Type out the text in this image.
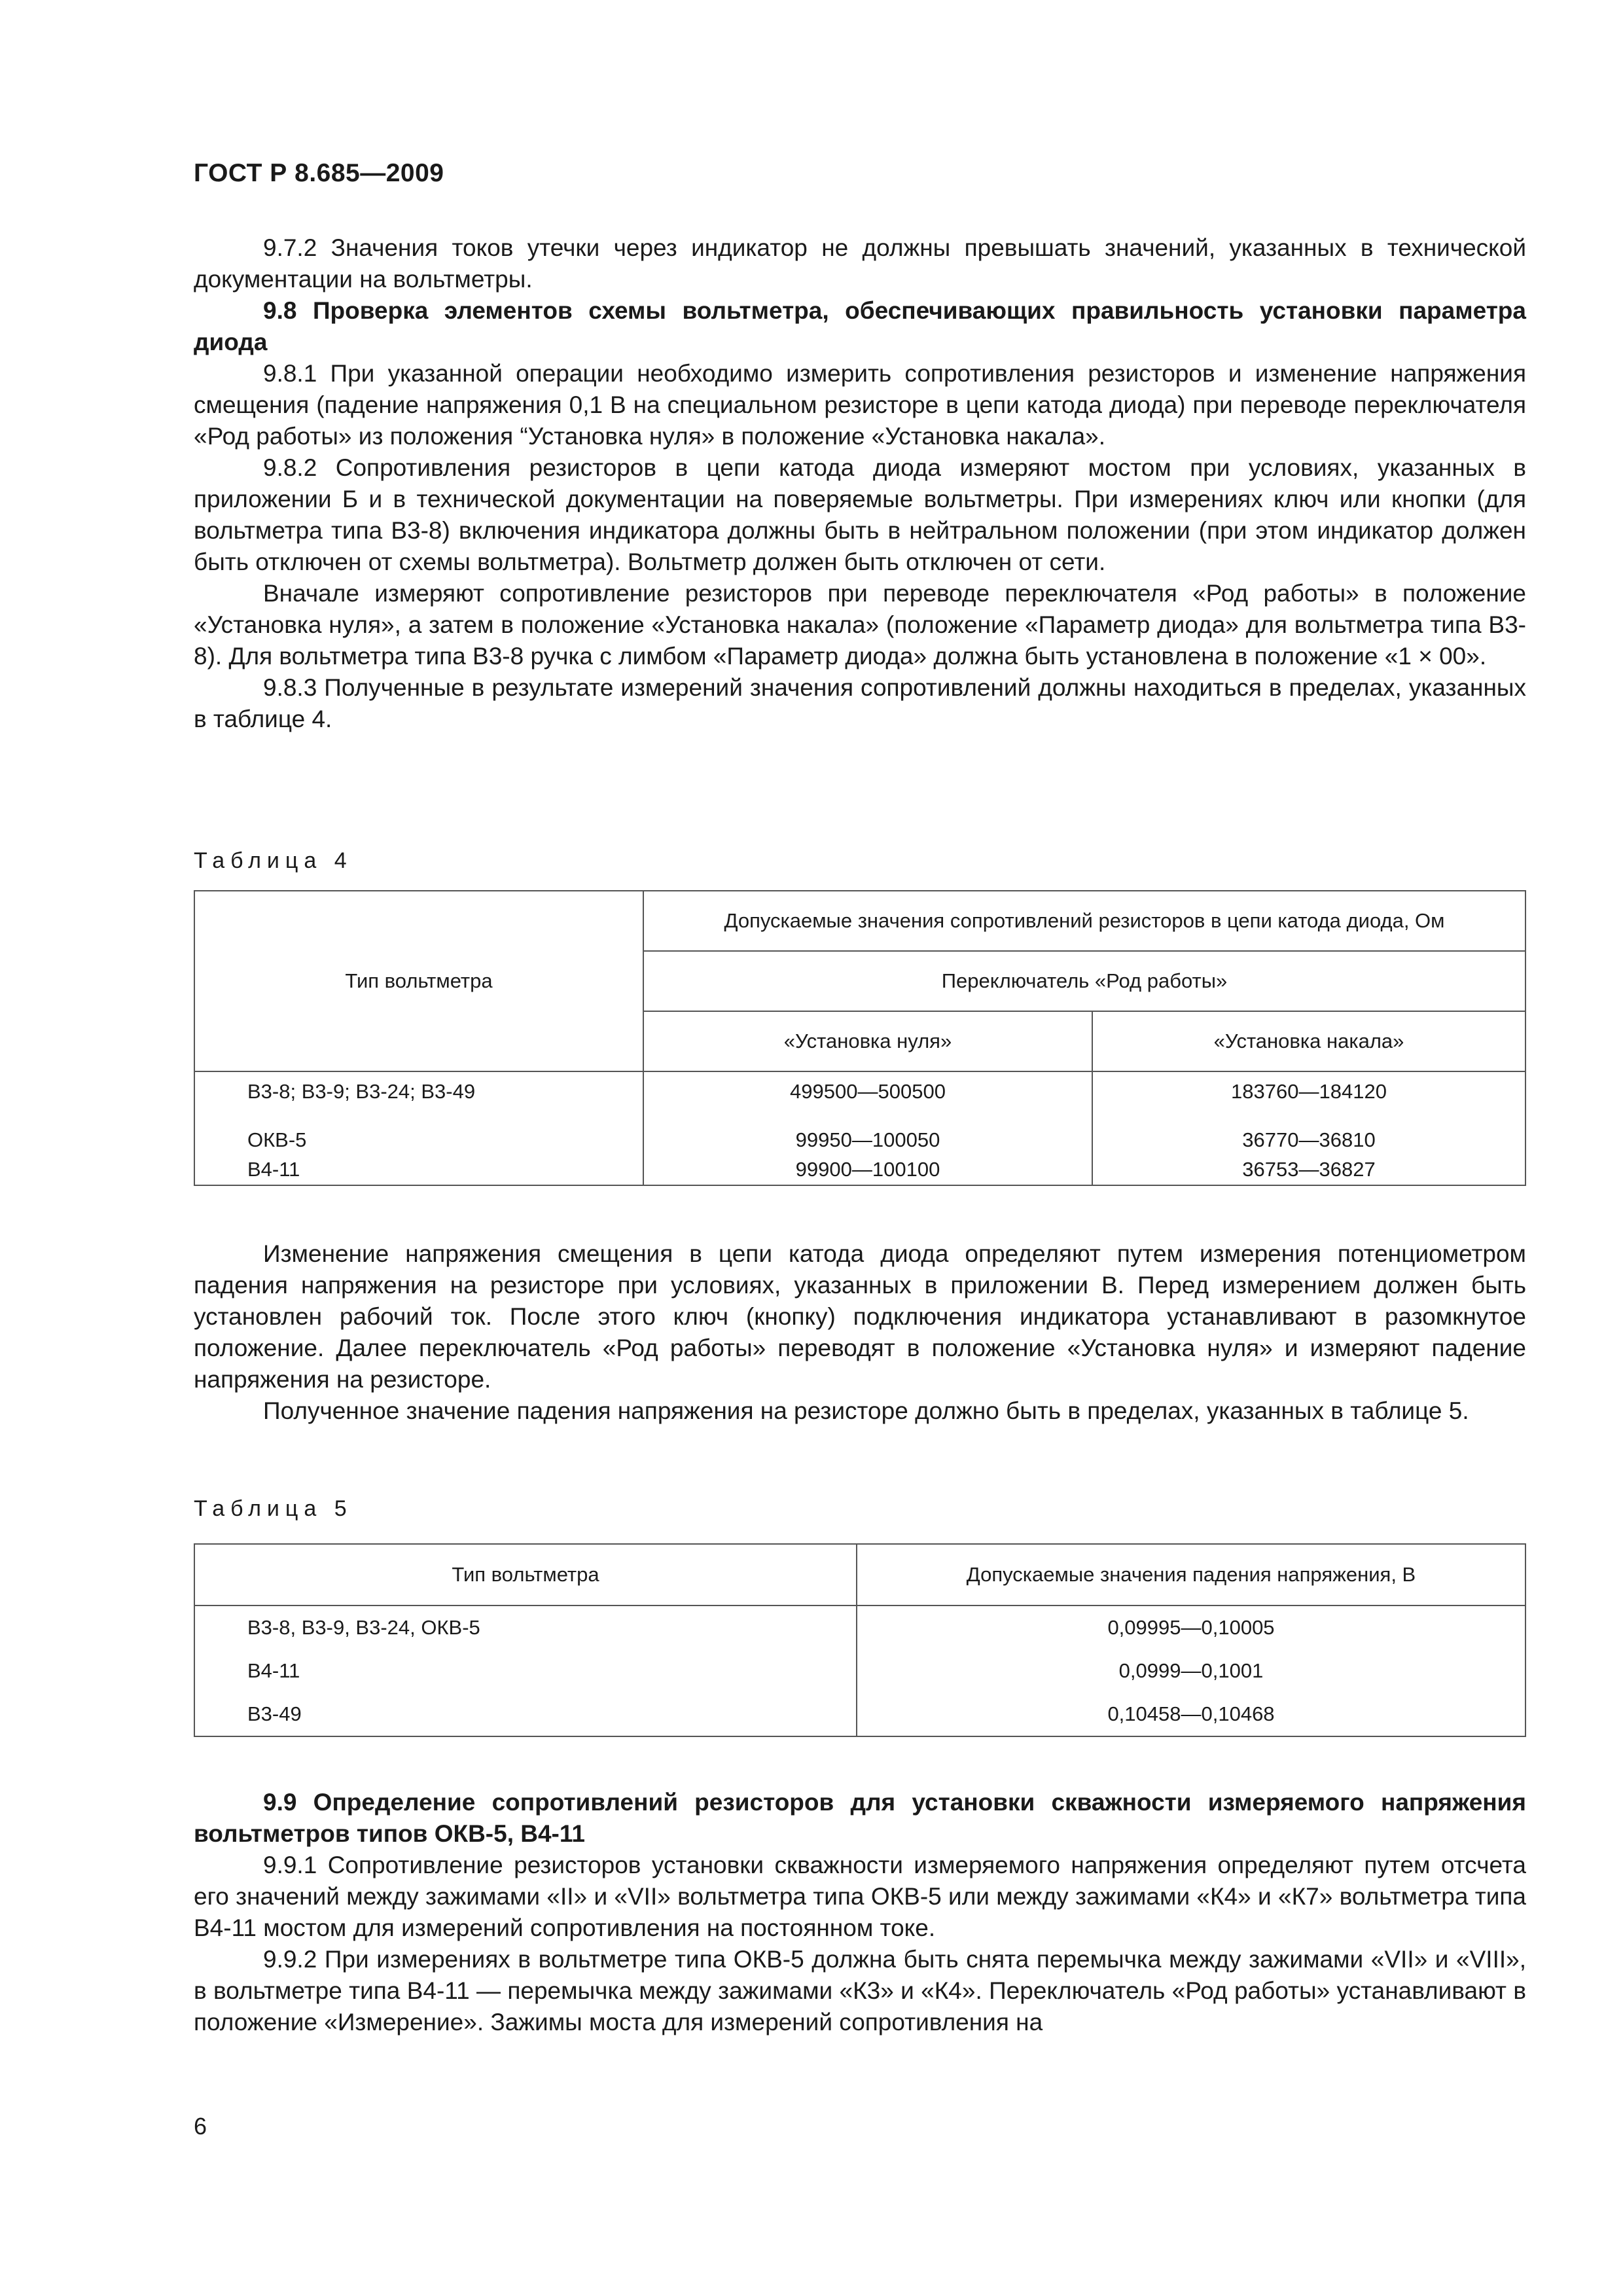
ГОСТ Р 8.685—2009

9.7.2 Значения токов утечки через индикатор не должны превышать значений, указанных в технической документации на вольтметры.

9.8 Проверка элементов схемы вольтметра, обеспечивающих правильность установки параметра диода

9.8.1 При указанной операции необходимо измерить сопротивления резисторов и изменение напряжения смещения (падение напряжения 0,1 В на специальном резисторе в цепи катода диода) при переводе переключателя «Род работы» из положения “Установка нуля» в положение «Установка накала».

9.8.2 Сопротивления резисторов в цепи катода диода измеряют мостом при условиях, указанных в приложении Б и в технической документации на поверяемые вольтметры. При измерениях ключ или кнопки (для вольтметра типа В3-8) включения индикатора должны быть в нейтральном положении (при этом индикатор должен быть отключен от схемы вольтметра). Вольтметр должен быть отключен от сети.

Вначале измеряют сопротивление резисторов при переводе переключателя «Род работы» в положение «Установка нуля», а затем в положение «Установка накала» (положение «Параметр диода» для вольтметра типа В3-8). Для вольтметра типа В3-8 ручка с лимбом «Параметр диода» должна быть установлена в положение «1 × 00».

9.8.3 Полученные в результате измерений значения сопротивлений должны находиться в пределах, указанных в таблице 4.

Таблица 4
Тип вольтметра	Допускаемые значения сопротивлений резисторов в цепи катода диода, Ом	
	Переключатель «Род работы»	
	«Установка нуля»	«Установка накала»
В3-8; В3-9; В3-24; В3-49	499500—500500	183760—184120
ОКВ-5	99950—100050	36770—36810
В4-11	99900—100100	36753—36827

Изменение напряжения смещения в цепи катода диода определяют путем измерения потенциометром падения напряжения на резисторе при условиях, указанных в приложении В. Перед измерением должен быть установлен рабочий ток. После этого ключ (кнопку) подключения индикатора устанавливают в разомкнутое положение. Далее переключатель «Род работы» переводят в положение «Установка нуля» и измеряют падение напряжения на резисторе.

Полученное значение падения напряжения на резисторе должно быть в пределах, указанных в таблице 5.

Таблица 5
Тип вольтметра	Допускаемые значения падения напряжения, В
В3-8, В3-9, В3-24, ОКВ-5	0,09995—0,10005
В4-11	0,0999—0,1001
В3-49	0,10458—0,10468

9.9 Определение сопротивлений резисторов для установки скважности измеряемого напряжения вольтметров типов ОКВ-5, В4-11

9.9.1 Сопротивление резисторов установки скважности измеряемого напряжения определяют путем отсчета его значений между зажимами «II» и «VII» вольтметра типа ОКВ-5 или между зажимами «К4» и «К7» вольтметра типа В4-11 мостом для измерений сопротивления на постоянном токе.

9.9.2 При измерениях в вольтметре типа ОКВ-5 должна быть снята перемычка между зажимами «VII» и «VIII», в вольтметре типа В4-11 — перемычка между зажимами «К3» и «К4». Переключатель «Род работы» устанавливают в положение «Измерение». Зажимы моста для измерений сопротивления на

6
